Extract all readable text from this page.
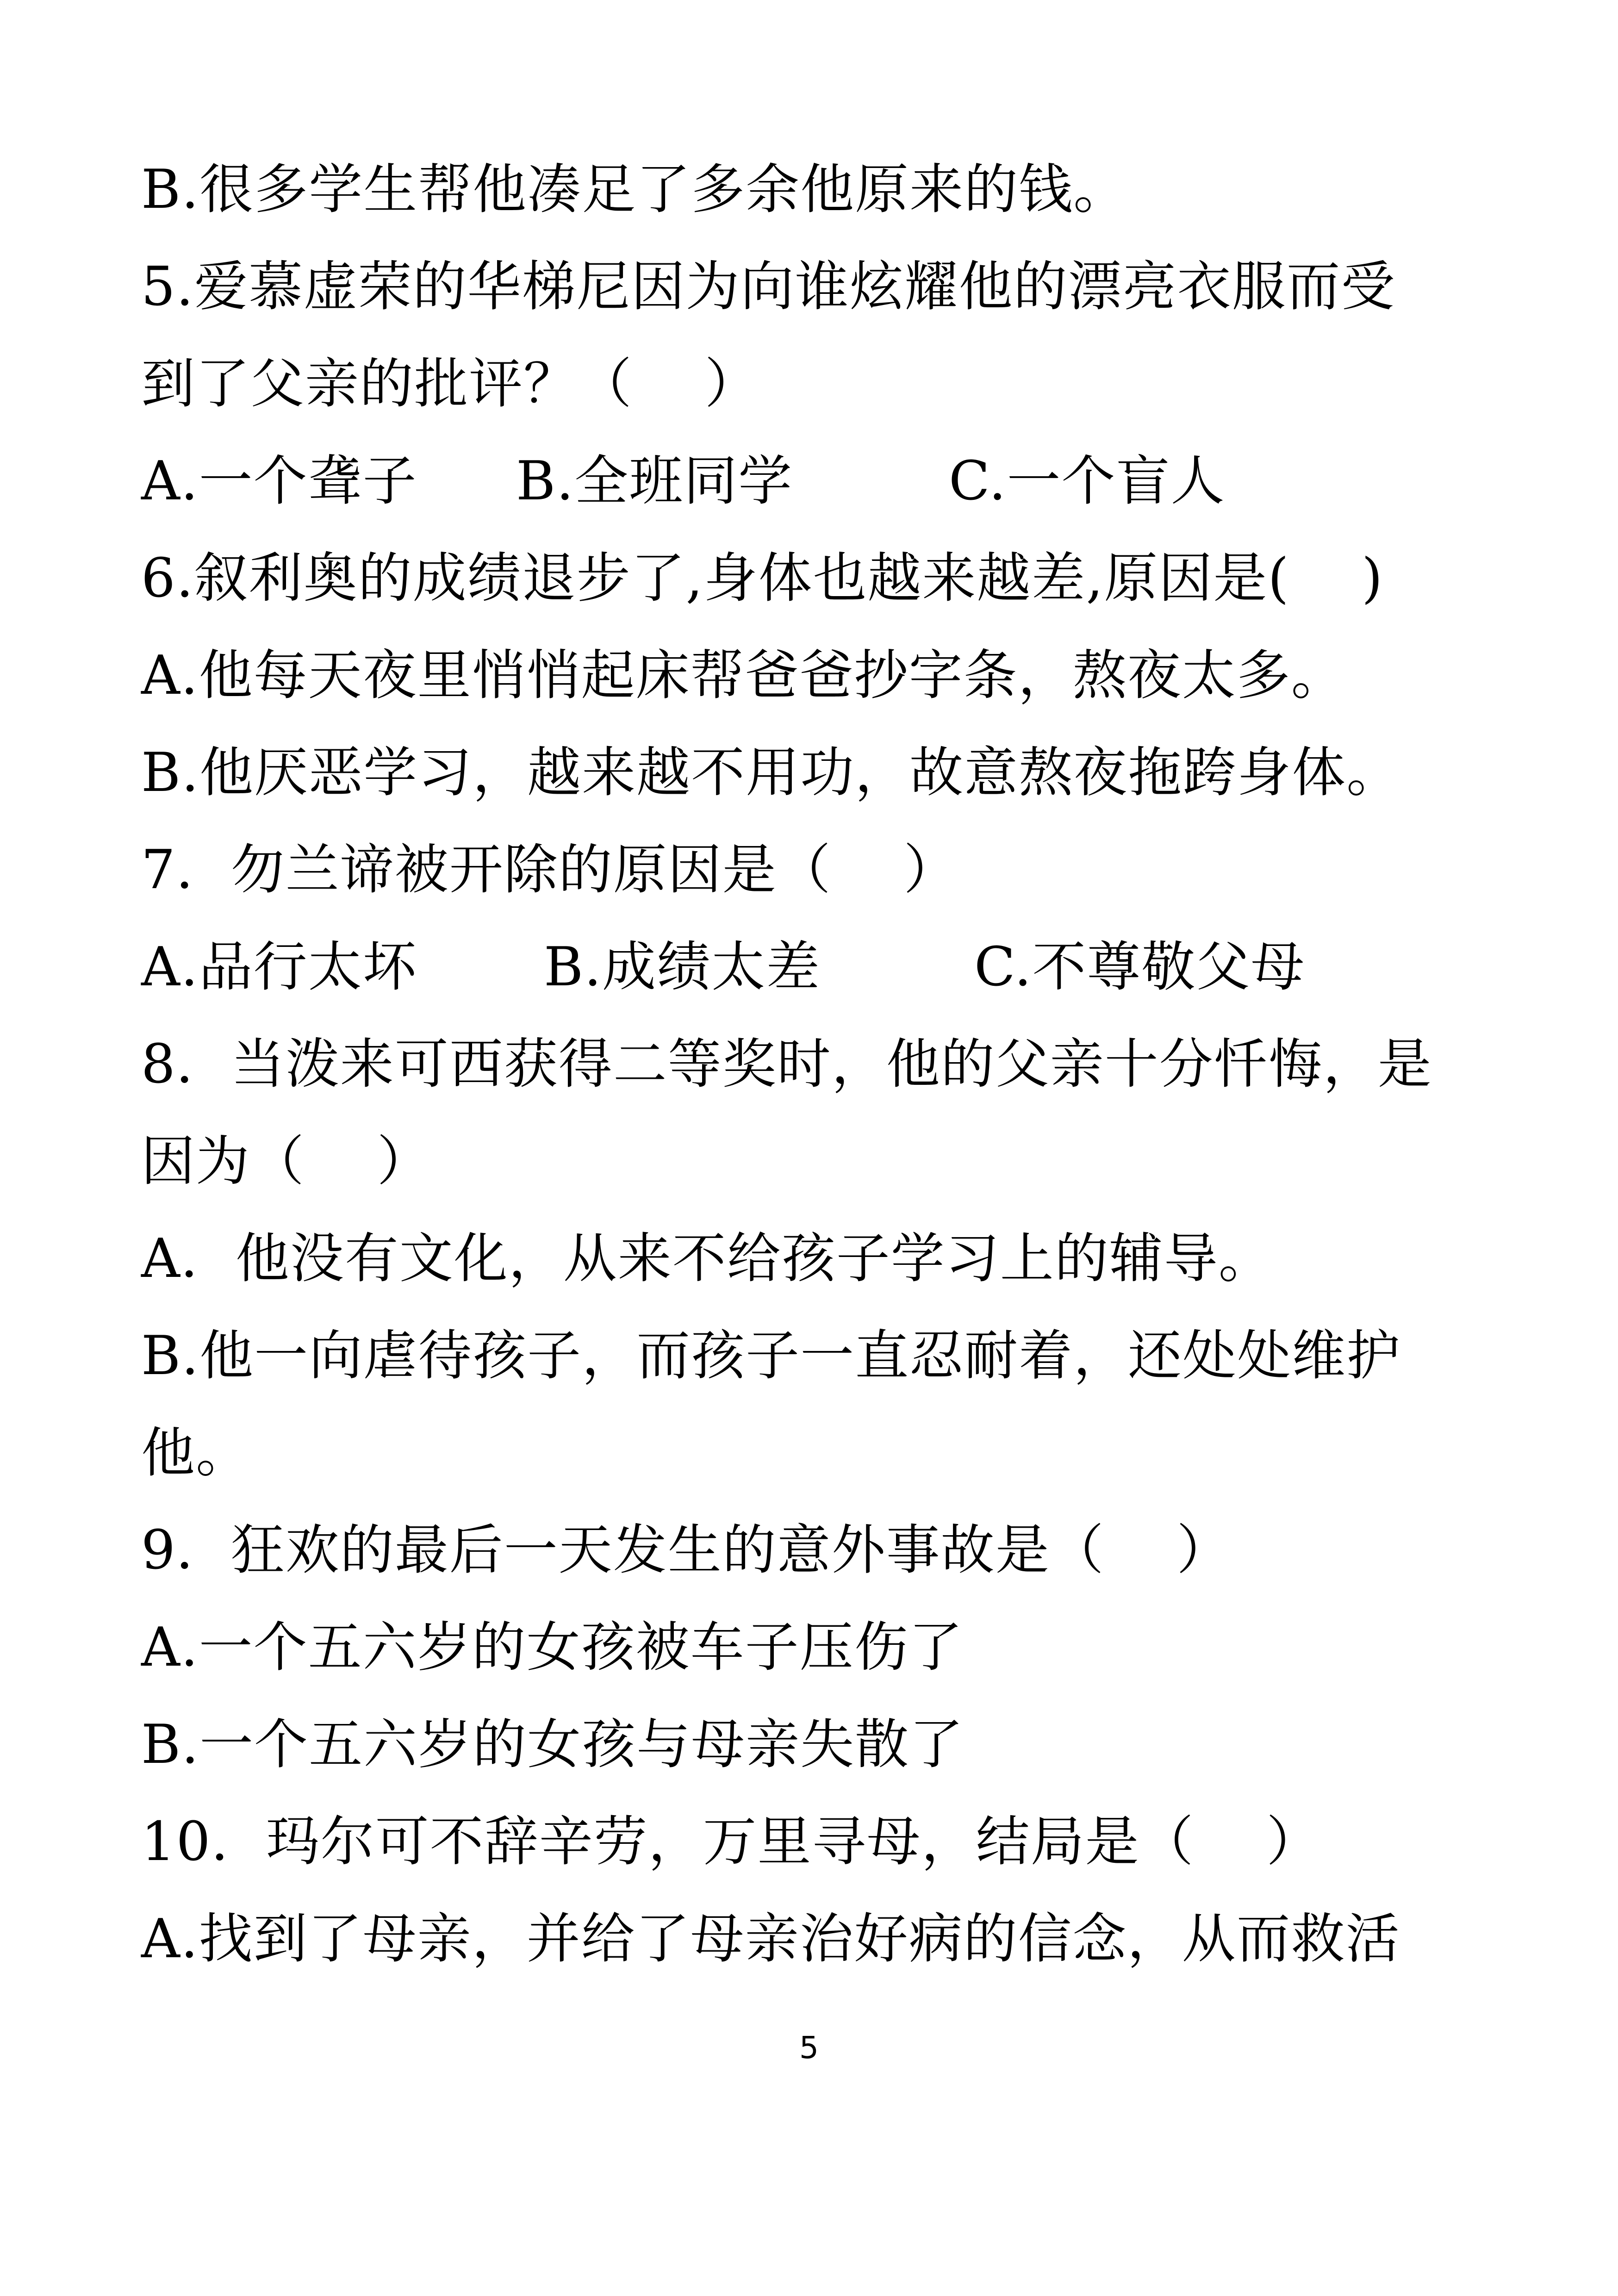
B.很多学生帮他凑足了多余他原来的钱。
5.爱慕虚荣的华梯尼因为向谁炫耀他的漂亮衣服而受
到了父亲的批评？（    ）

A.一个聋子

B.全班同学

	C.一个盲人

6.叙利奥的成绩退步了,身体也越来越差,原因是(    )
A.他每天夜里悄悄起床帮爸爸抄字条，熬夜太多。
B.他厌恶学习，越来越不用功，故意熬夜拖跨身体。
7．勿兰谛被开除的原因是（    ）

A.品行太坏

B.成绩太差

	C.不尊敬父母

8．当泼来可西获得二等奖时，他的父亲十分忏悔，是
因为（    ）
A．他没有文化，从来不给孩子学习上的辅导。
B.他一向虐待孩子，而孩子一直忍耐着，还处处维护
他。
9．狂欢的最后一天发生的意外事故是（    ）
A.一个五六岁的女孩被车子压伤了
B.一个五六岁的女孩与母亲失散了
10．玛尔可不辞辛劳，万里寻母，结局是（    ）
A.找到了母亲，并给了母亲治好病的信念，从而救活
5
